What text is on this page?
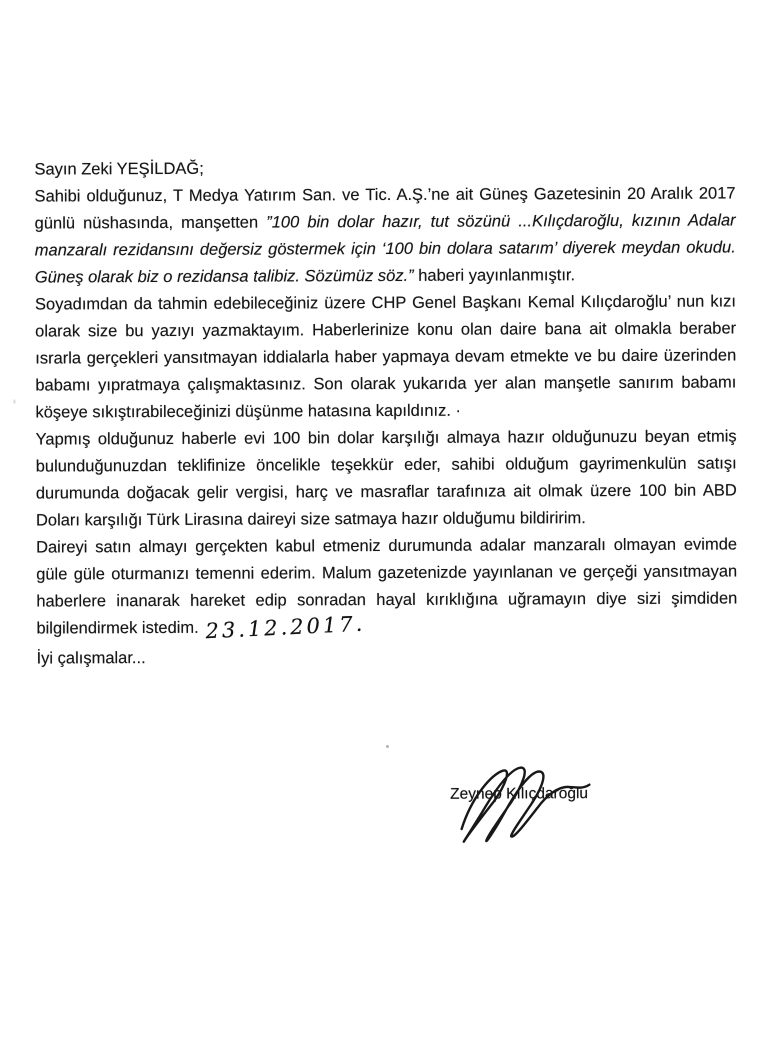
Sayın Zeki YEŞİLDAĞ;

Sahibi olduğunuz, T Medya Yatırım San. ve Tic. A.Ş.’ne ait Güneş Gazetesinin 20 Aralık 2017 günlü nüshasında, manşetten ”100 bin dolar hazır, tut sözünü ...Kılıçdaroğlu, kızının Adalar manzaralı rezidansını değersiz göstermek için ‘100 bin dolara satarım’ diyerek meydan okudu. Güneş olarak biz o rezidansa talibiz. Sözümüz söz.” haberi yayınlanmıştır.

Soyadımdan da tahmin edebileceğiniz üzere CHP Genel Başkanı Kemal Kılıçdaroğlu’ nun kızı olarak size bu yazıyı yazmaktayım. Haberlerinize konu olan daire bana ait olmakla beraber ısrarla gerçekleri yansıtmayan iddialarla haber yapmaya devam etmekte ve bu daire üzerinden babamı yıpratmaya çalışmaktasınız. Son olarak yukarıda yer alan manşetle sanırım babamı köşeye sıkıştırabileceğinizi düşünme hatasına kapıldınız. ·

Yapmış olduğunuz haberle evi 100 bin dolar karşılığı almaya hazır olduğunuzu beyan etmiş bulunduğunuzdan teklifinize öncelikle teşekkür eder, sahibi olduğum gayrimenkulün satışı durumunda doğacak gelir vergisi, harç ve masraflar tarafınıza ait olmak üzere 100 bin ABD Doları karşılığı Türk Lirasına daireyi size satmaya hazır olduğumu bildiririm.

Daireyi satın almayı gerçekten kabul etmeniz durumunda adalar manzaralı olmayan evimde güle güle oturmanızı temenni ederim. Malum gazetenizde yayınlanan ve gerçeği yansıtmayan haberlere inanarak hareket edip sonradan hayal kırıklığına uğramayın diye sizi şimdiden bilgilendirmek istedim. 23.12.2017.

İyi çalışmalar...

Zeynep Kılıçdaroğlu
